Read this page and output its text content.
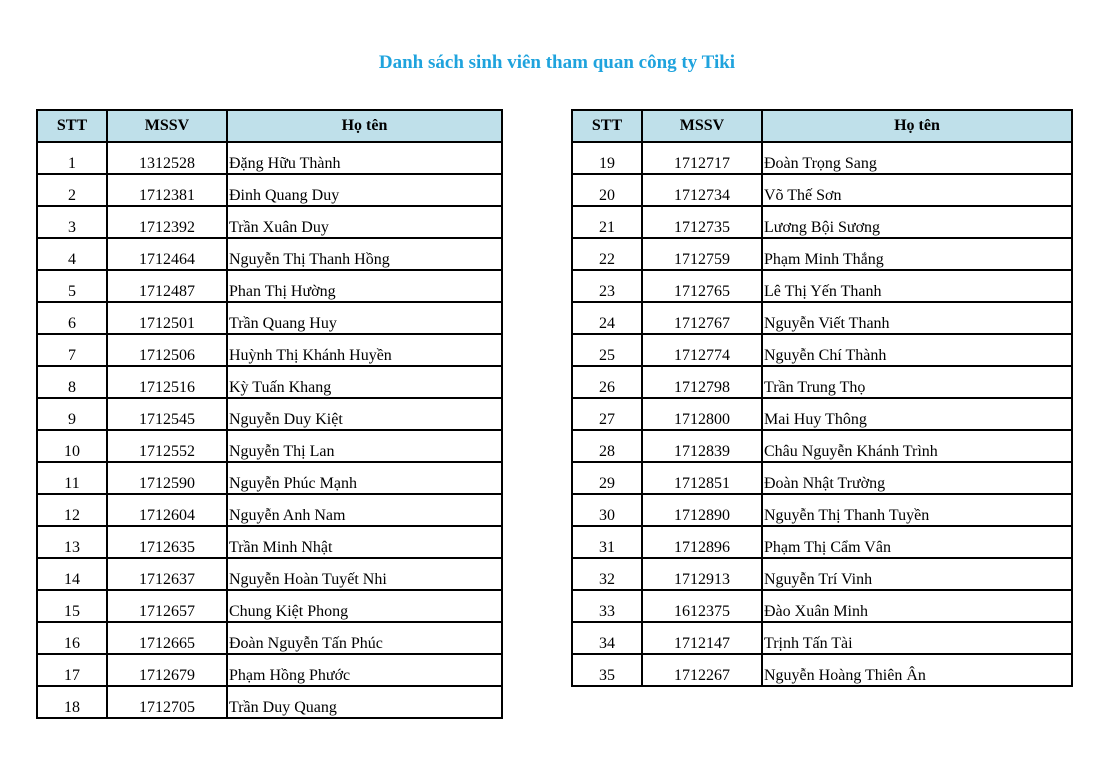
Danh sách sinh viên tham quan công ty Tiki
STT	MSSV	Họ tên
1	1312528	Đặng Hữu Thành
2	1712381	Đinh Quang Duy
3	1712392	Trần Xuân Duy
4	1712464	Nguyễn Thị Thanh Hồng
5	1712487	Phan Thị Hường
6	1712501	Trần Quang Huy
7	1712506	Huỳnh Thị Khánh Huyền
8	1712516	Kỳ Tuấn Khang
9	1712545	Nguyễn Duy Kiệt
10	1712552	Nguyễn Thị Lan
11	1712590	Nguyễn Phúc Mạnh
12	1712604	Nguyễn Anh Nam
13	1712635	Trần Minh Nhật
14	1712637	Nguyễn Hoàn Tuyết Nhi
15	1712657	Chung Kiệt Phong
16	1712665	Đoàn Nguyễn Tấn Phúc
17	1712679	Phạm Hồng Phước
18	1712705	Trần Duy Quang
STT	MSSV	Họ tên
19	1712717	Đoàn Trọng Sang
20	1712734	Võ Thế Sơn
21	1712735	Lương Bội Sương
22	1712759	Phạm Minh Thắng
23	1712765	Lê Thị Yến Thanh
24	1712767	Nguyễn Viết Thanh
25	1712774	Nguyễn Chí Thành
26	1712798	Trần Trung Thọ
27	1712800	Mai Huy Thông
28	1712839	Châu Nguyễn Khánh Trình
29	1712851	Đoàn Nhật Trường
30	1712890	Nguyễn Thị Thanh Tuyền
31	1712896	Phạm Thị Cẩm Vân
32	1712913	Nguyễn Trí Vinh
33	1612375	Đào Xuân Minh
34	1712147	Trịnh Tấn Tài
35	1712267	Nguyễn Hoàng Thiên Ân
